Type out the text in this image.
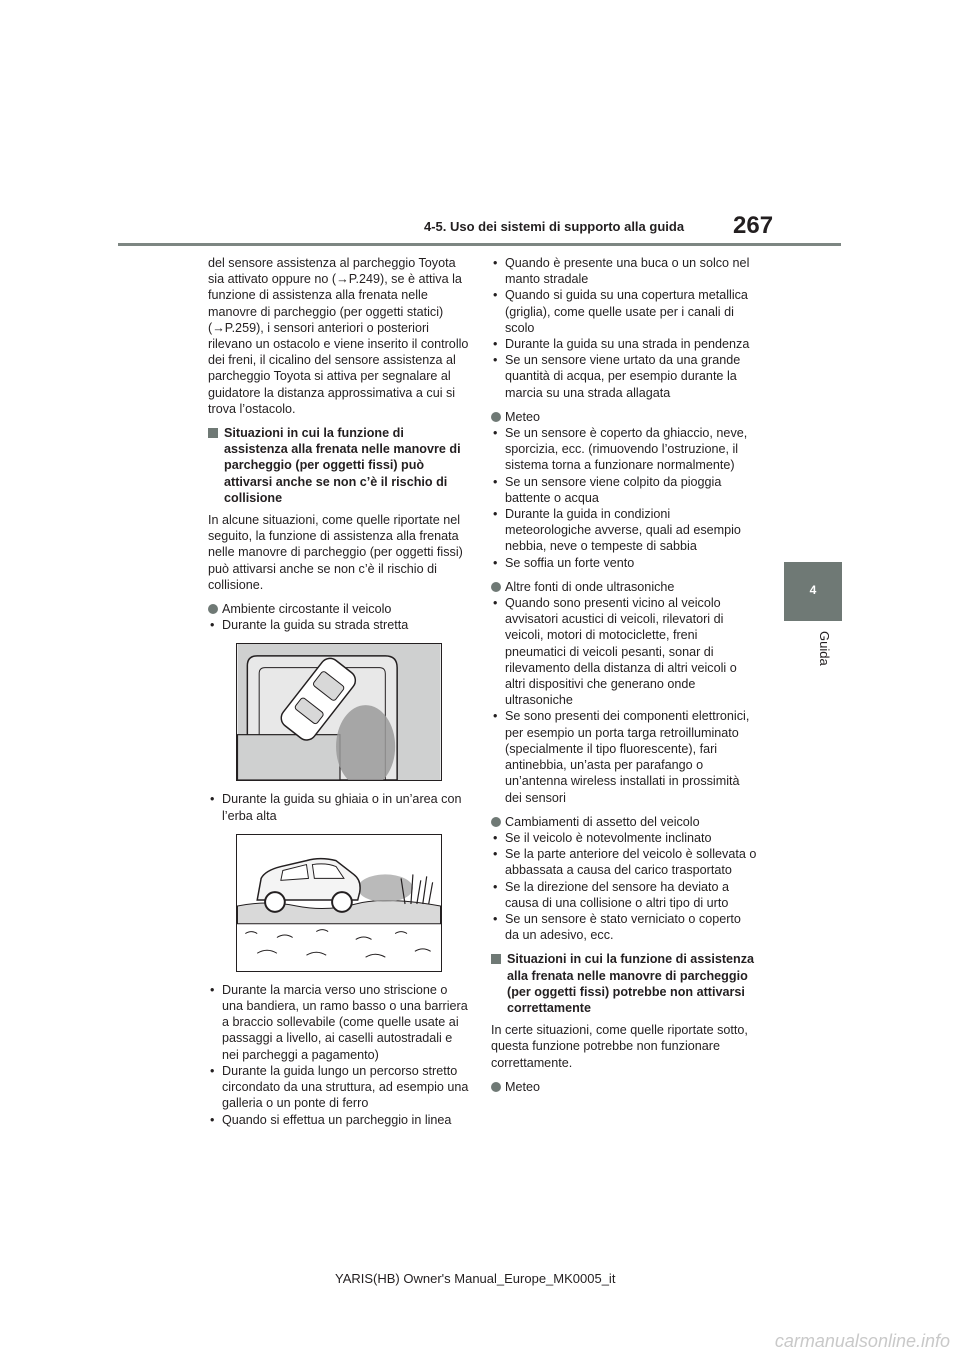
4-5. Uso dei sistemi di supporto alla guida 267
4
Guida

del sensore assistenza al parcheggio Toyota sia attivato oppure no (→P.249), se è attiva la funzione di assistenza alla frenata nelle manovre di parcheggio (per oggetti statici) (→P.259), i sensori anteriori o posteriori rilevano un ostacolo e viene inserito il controllo dei freni, il cicalino del sensore assistenza al parcheggio Toyota si attiva per segnalare al guidatore la distanza approssimativa a cui si trova l’ostacolo.

Situazioni in cui la funzione di assistenza alla frenata nelle manovre di parcheggio (per oggetti fissi) può attivarsi anche se non c’è il rischio di collisione

In alcune situazioni, come quelle riportate nel seguito, la funzione di assistenza alla frenata nelle manovre di parcheggio (per oggetti fissi) può attivarsi anche se non c’è il rischio di collisione.

Ambiente circostante il veicolo
• Durante la guida su strada stretta
• Durante la guida su ghiaia o in un’area con l’erba alta
• Durante la marcia verso uno striscione o una bandiera, un ramo basso o una barriera a braccio sollevabile (come quelle usate ai passaggi a livello, ai caselli autostradali e nei parcheggi a pagamento)
• Durante la guida lungo un percorso stretto circondato da una struttura, ad esempio una galleria o un ponte di ferro
• Quando si effettua un parcheggio in linea
• Quando è presente una buca o un solco nel manto stradale
• Quando si guida su una copertura metallica (griglia), come quelle usate per i canali di scolo
• Durante la guida su una strada in pendenza
• Se un sensore viene urtato da una grande quantità di acqua, per esempio durante la marcia su una strada allagata
Meteo
• Se un sensore è coperto da ghiaccio, neve, sporcizia, ecc. (rimuovendo l’ostruzione, il sistema torna a funzionare normalmente)
• Se un sensore viene colpito da pioggia battente o acqua
• Durante la guida in condizioni meteorologiche avverse, quali ad esempio nebbia, neve o tempeste di sabbia
• Se soffia un forte vento
Altre fonti di onde ultrasoniche
• Quando sono presenti vicino al veicolo avvisatori acustici di veicoli, rilevatori di veicoli, motori di motociclette, freni pneumatici di veicoli pesanti, sonar di rilevamento della distanza di altri veicoli o altri dispositivi che generano onde ultrasoniche
• Se sono presenti dei componenti elettronici, per esempio un porta targa retroilluminato (specialmente il tipo fluorescente), fari antinebbia, un’asta per parafango o un’antenna wireless installati in prossimità dei sensori
Cambiamenti di assetto del veicolo
• Se il veicolo è notevolmente inclinato
• Se la parte anteriore del veicolo è sollevata o abbassata a causa del carico trasportato
• Se la direzione del sensore ha deviato a causa di una collisione o altri tipo di urto
• Se un sensore è stato verniciato o coperto da un adesivo, ecc.
Situazioni in cui la funzione di assistenza alla frenata nelle manovre di parcheggio (per oggetti fissi) potrebbe non attivarsi correttamente

In certe situazioni, come quelle riportate sotto, questa funzione potrebbe non funzionare correttamente.

Meteo
YARIS(HB) Owner's Manual_Europe_MK0005_it
carmanualsonline.info
